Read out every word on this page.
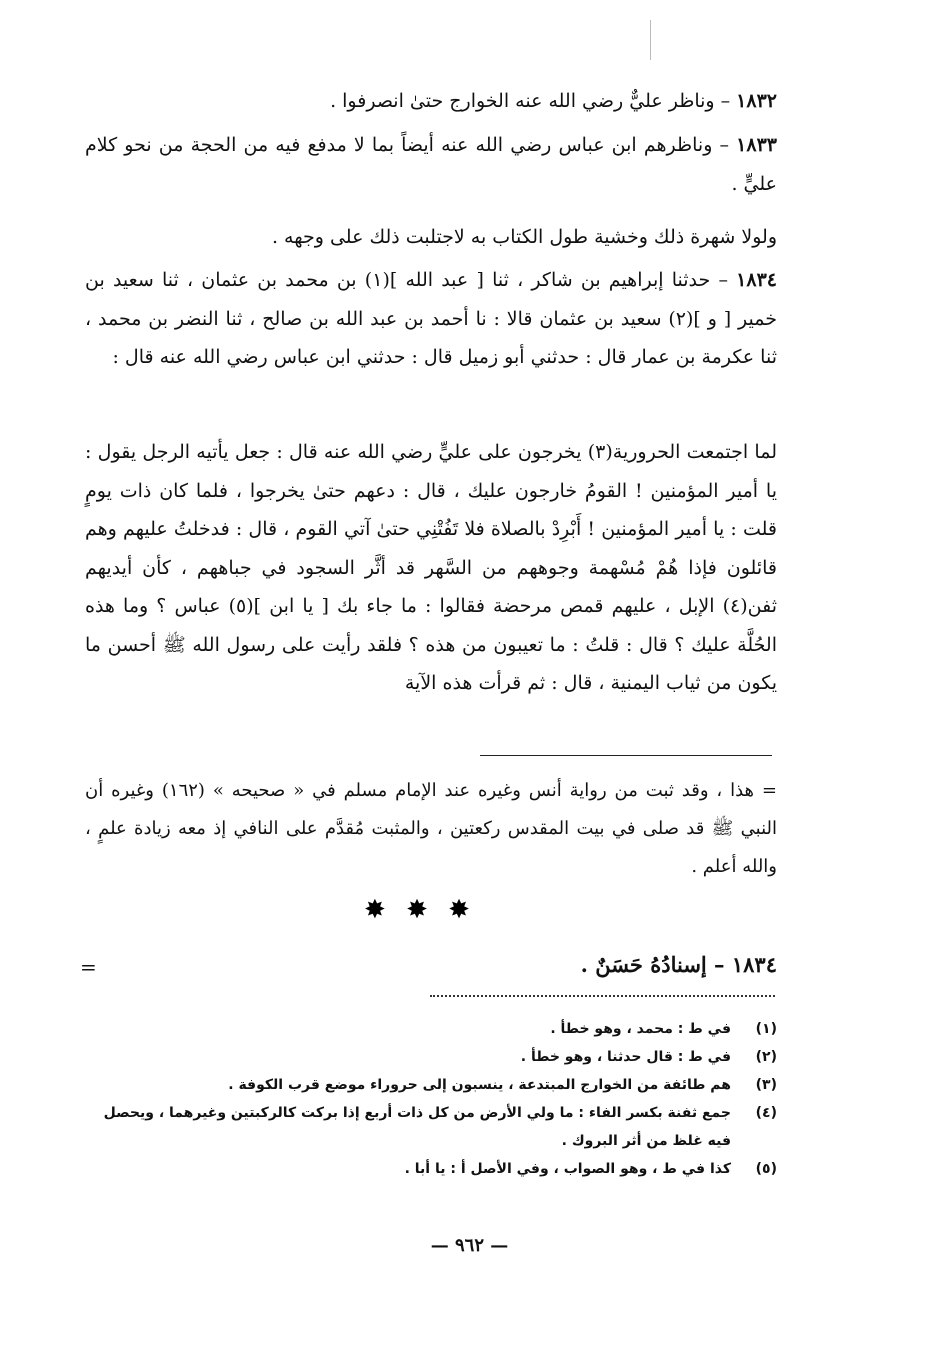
١٨٣٢ – وناظر عليٌّ رضي الله عنه الخوارج حتىٰ انصرفوا .
١٨٣٣ – وناظرهم ابن عباس رضي الله عنه أيضاً بما لا مدفع فيه من الحجة من نحو كلام عليٍّ .
ولولا شهرة ذلك وخشية طول الكتاب به لاجتلبت ذلك على وجهه .
١٨٣٤ – حدثنا إبراهيم بن شاكر ، ثنا [ عبد الله ](١) بن محمد بن عثمان ، ثنا سعيد بن خمير [ و ](٢) سعيد بن عثمان قالا : نا أحمد بن عبد الله بن صالح ، ثنا النضر بن محمد ، ثنا عكرمة بن عمار قال : حدثني أبو زميل قال : حدثني ابن عباس رضي الله عنه قال :
لما اجتمعت الحرورية(٣) يخرجون على عليٍّ رضي الله عنه قال : جعل يأتيه الرجل يقول : يا أمير المؤمنين ! القومُ خارجون عليك ، قال : دعهم حتىٰ يخرجوا ، فلما كان ذات يومٍ قلت : يا أمير المؤمنين ! أَبْرِدْ بالصلاة فلا تَفُتْنِي حتىٰ آتي القوم ، قال : فدخلتُ عليهم وهم قائلون فإذا هُمْ مُسْهمة وجوههم من السَّهر قد أثَّر السجود في جباههم ، كأن أيديهم ثفن(٤) الإبل ، عليهم قمص مرحضة فقالوا : ما جاء بك [ يا ابن ](٥) عباس ؟ وما هذه الحُلَّة عليك ؟ قال : قلتُ : ما تعيبون من هذه ؟ فلقد رأيت على رسول الله ﷺ أحسن ما يكون من ثياب اليمنية ، قال : ثم قرأت هذه الآية
= هذا ، وقد ثبت من رواية أنس وغيره عند الإمام مسلم في « صحيحه » (١٦٢) وغيره أن النبي ﷺ قد صلى في بيت المقدس ركعتين ، والمثبت مُقدَّم على النافي إذ معه زيادة علمٍ ، والله أعلم .
✸ ✸ ✸
١٨٣٤ – إسنادُهُ حَسَنٌ .
=
(١)
في ط : محمد ، وهو خطأ .
(٢)
في ط : قال حدثنا ، وهو خطأ .
(٣)
هم طائفة من الخوارج المبتدعة ، ينسبون إلى حروراء موضع قرب الكوفة .
(٤)
جمع ثفنة بكسر الفاء : ما ولي الأرض من كل ذات أربع إذا بركت كالركبتين وغيرهما ، ويحصل فيه غلظ من أثر البروك .
(٥)
كذا في ط ، وهو الصواب ، وفي الأصل أ : يا أبا .
— ٩٦٢ —
